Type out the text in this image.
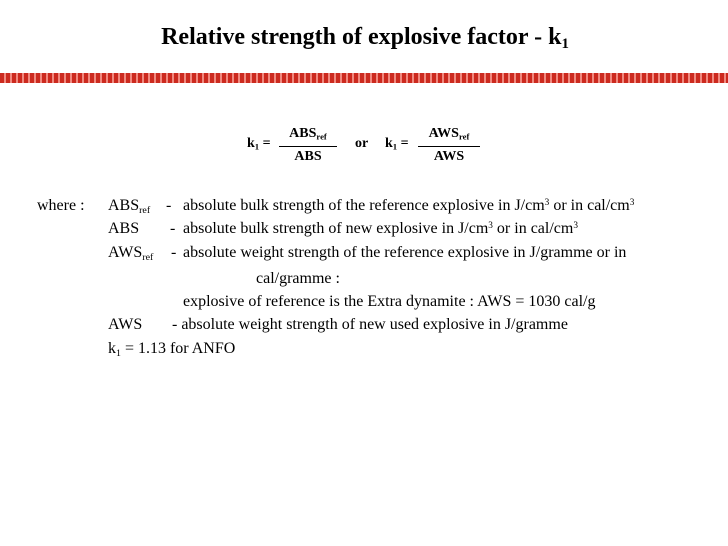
Relative strength of explosive factor - $k_1$
$k_1$ =
$ABS_{ref}$
ABS
or $k_1$ =
$AWS_{ref}$
AWS
where : $ABS_{ref}$ - absolute bulk strength of the reference explosive in $J/cm^3$ or in cal/$cm^3$
ABS - absolute bulk strength of new explosive in $J/cm^3$ or in cal/$cm^3$
$AWS_{ref}$ - absolute weight strength of the reference explosive in J/gramme or in
cal/gramme :
explosive of reference is the Extra dynamite : AWS = 1030 cal/g
AWS - absolute weight strength of new used explosive in J/gramme
$k_1 = 1.13$ for ANFO
